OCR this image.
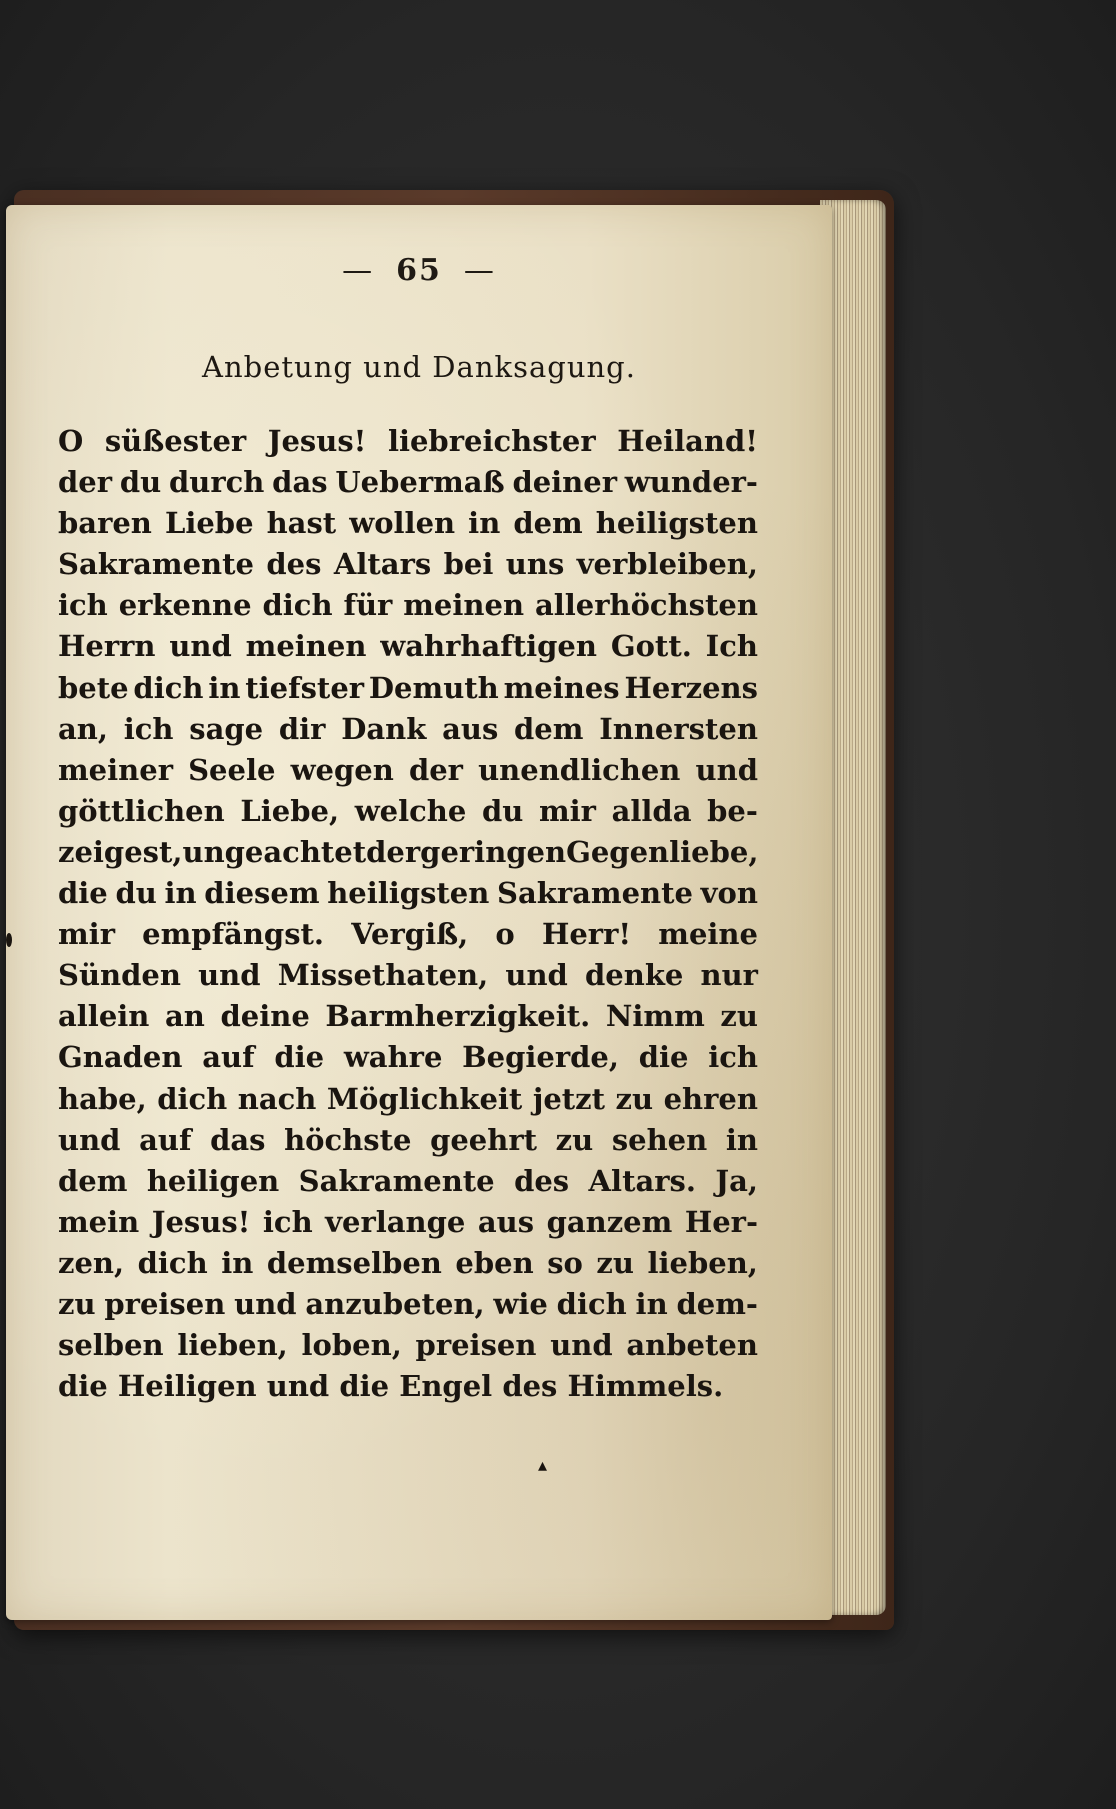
— 65 —
Anbetung und Danksagung.
O süßester Jesus! liebreichster Heiland!
der du durch das Uebermaß deiner wunder-
baren Liebe hast wollen in dem heiligsten
Sakramente des Altars bei uns verbleiben,
ich erkenne dich für meinen allerhöchsten
Herrn und meinen wahrhaftigen Gott. Ich
bete dich in tiefster Demuth meines Herzens
an, ich sage dir Dank aus dem Innersten
meiner Seele wegen der unendlichen und
göttlichen Liebe, welche du mir allda be-
zeigest, ungeachtet der geringen Gegenliebe,
die du in diesem heiligsten Sakramente von
mir empfängst. Vergiß, o Herr! meine
Sünden und Missethaten, und denke nur
allein an deine Barmherzigkeit. Nimm zu
Gnaden auf die wahre Begierde, die ich
habe, dich nach Möglichkeit jetzt zu ehren
und auf das höchste geehrt zu sehen in
dem heiligen Sakramente des Altars. Ja,
mein Jesus! ich verlange aus ganzem Her-
zen, dich in demselben eben so zu lieben,
zu preisen und anzubeten, wie dich in dem-
selben lieben, loben, preisen und anbeten
die Heiligen und die Engel des Himmels.
▴
